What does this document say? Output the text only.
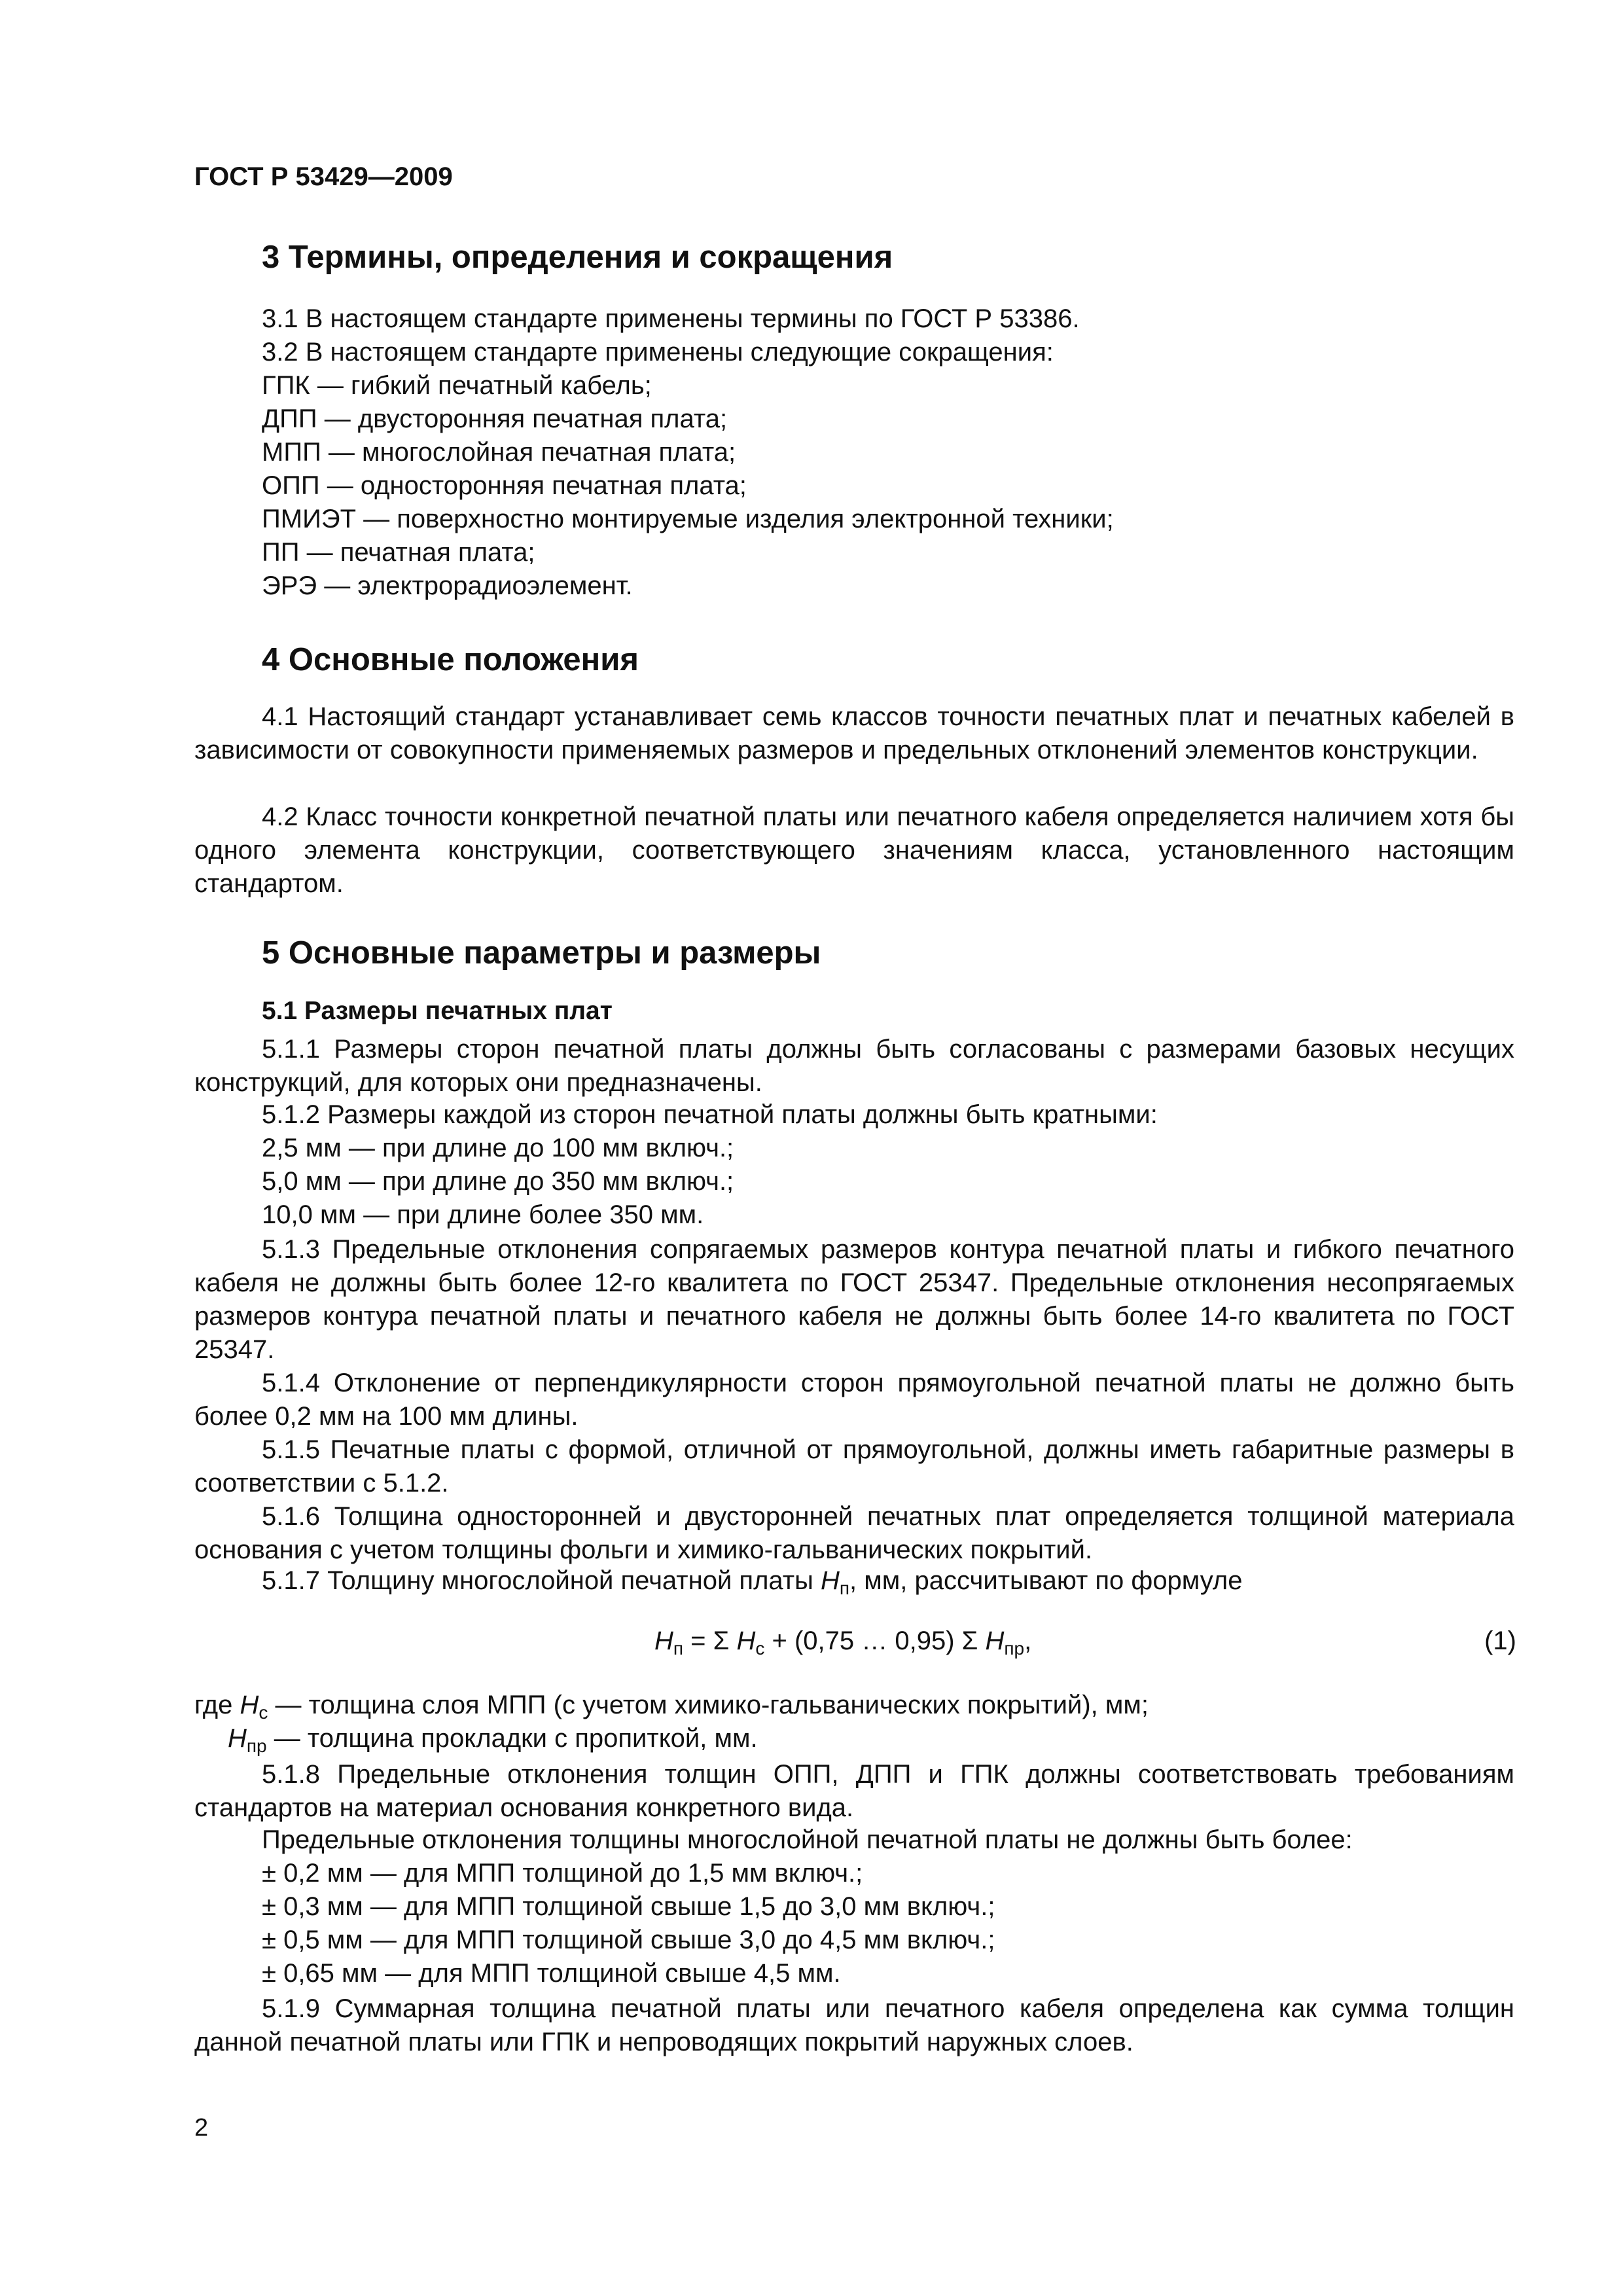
ГОСТ Р 53429—2009
3 Термины, определения и сокращения
3.1 В настоящем стандарте применены термины по ГОСТ Р 53386.
3.2 В настоящем стандарте применены следующие сокращения:
ГПК — гибкий печатный кабель;
ДПП — двусторонняя печатная плата;
МПП — многослойная печатная плата;
ОПП — односторонняя печатная плата;
ПМИЭТ — поверхностно монтируемые изделия электронной техники;
ПП — печатная плата;
ЭРЭ — электрорадиоэлемент.
4 Основные положения

4.1 Настоящий стандарт устанавливает семь классов точности печатных плат и печатных кабелей в зависимости от совокупности применяемых размеров и предельных отклонений элементов конструкции.

4.2 Класс точности конкретной печатной платы или печатного кабеля определяется наличием хотя бы одного элемента конструкции, соответствующего значениям класса, установленного настоящим стандартом.

5 Основные параметры и размеры
5.1 Размеры печатных плат

5.1.1 Размеры сторон печатной платы должны быть согласованы с размерами базовых несущих конструкций, для которых они предназначены.

5.1.2 Размеры каждой из сторон печатной платы должны быть кратными:
2,5 мм — при длине до 100 мм включ.;
5,0 мм — при длине до 350 мм включ.;
10,0 мм — при длине более 350 мм.

5.1.3 Предельные отклонения сопрягаемых размеров контура печатной платы и гибкого печатного кабеля не должны быть более 12-го квалитета по ГОСТ 25347. Предельные отклонения несопрягаемых размеров контура печатной платы и печатного кабеля не должны быть более 14-го квалитета по ГОСТ 25347.

5.1.4 Отклонение от перпендикулярности сторон прямоугольной печатной платы не должно быть более 0,2 мм на 100 мм длины.

5.1.5 Печатные платы с формой, отличной от прямоугольной, должны иметь габаритные размеры в соответствии с 5.1.2.

5.1.6 Толщина односторонней и двусторонней печатных плат определяется толщиной материала основания с учетом толщины фольги и химико-гальванических покрытий.

5.1.7 Толщину многослойной печатной платы $H_п$, мм, рассчитывают по формуле
$H_п = \Sigma$ $H_с + (0,75$ … 0,95) Σ $H_{пр}$,	(1)
где $H_с$ — толщина слоя МПП (с учетом химико-гальванических покрытий), мм;
$H_{пр}$ — толщина прокладки с пропиткой, мм.

5.1.8 Предельные отклонения толщин ОПП, ДПП и ГПК должны соответствовать требованиям стандартов на материал основания конкретного вида.

Предельные отклонения толщины многослойной печатной платы не должны быть более:
± 0,2 мм — для МПП толщиной до 1,5 мм включ.;
± 0,3 мм — для МПП толщиной свыше 1,5 до 3,0 мм включ.;
± 0,5 мм — для МПП толщиной свыше 3,0 до 4,5 мм включ.;
± 0,65 мм — для МПП толщиной свыше 4,5 мм.

5.1.9 Суммарная толщина печатной платы или печатного кабеля определена как сумма толщин данной печатной платы или ГПК и непроводящих покрытий наружных слоев.

2
